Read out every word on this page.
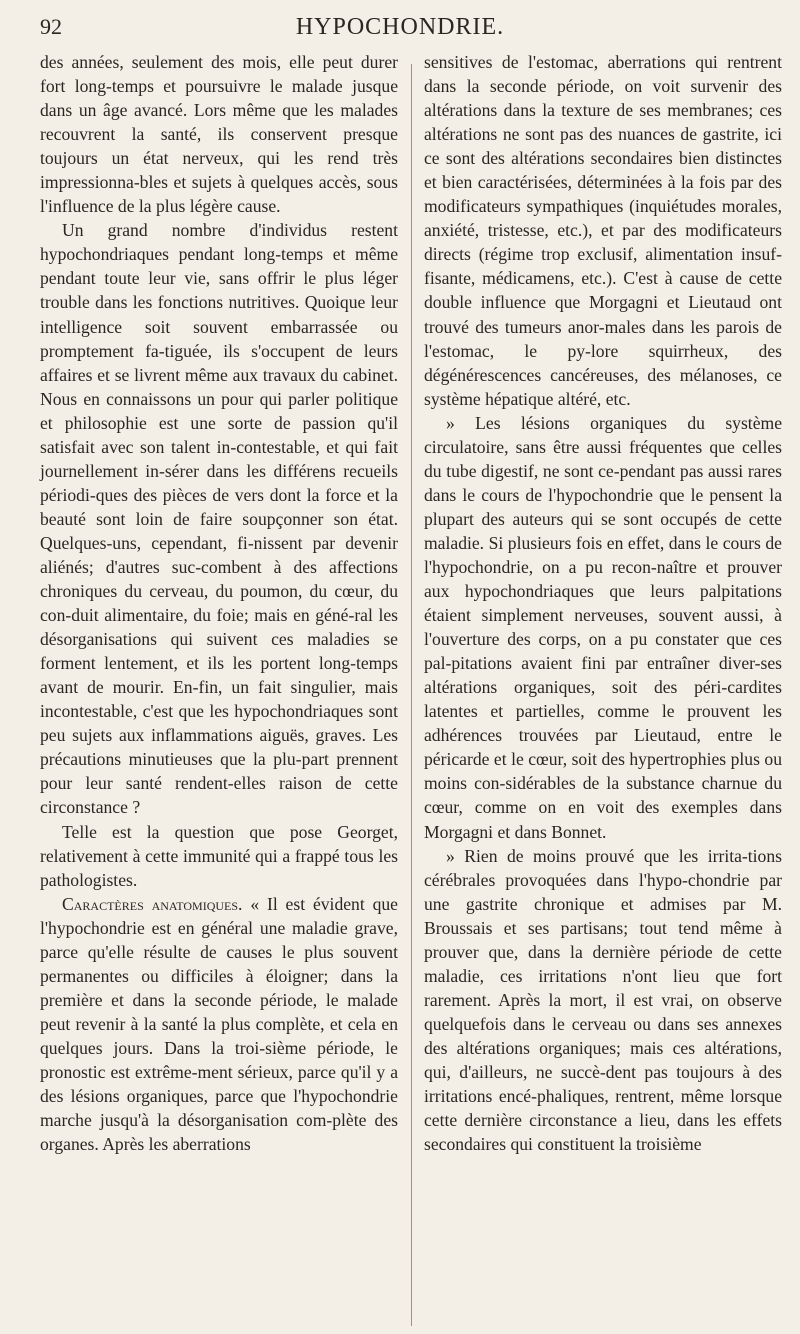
92	HYPOCHONDRIE.

des années, seulement des mois, elle peut durer fort long-temps et poursuivre le malade jusque dans un âge avancé. Lors même que les malades recouvrent la santé, ils conservent presque toujours un état nerveux, qui les rend très impressionna-bles et sujets à quelques accès, sous l'influence de la plus légère cause.

Un grand nombre d'individus restent hypochondriaques pendant long-temps et même pendant toute leur vie, sans offrir le plus léger trouble dans les fonctions nutritives. Quoique leur intelligence soit souvent embarrassée ou promptement fa-tiguée, ils s'occupent de leurs affaires et se livrent même aux travaux du cabinet. Nous en connaissons un pour qui parler politique et philosophie est une sorte de passion qu'il satisfait avec son talent in-contestable, et qui fait journellement in-sérer dans les différens recueils périodi-ques des pièces de vers dont la force et la beauté sont loin de faire soupçonner son état. Quelques-uns, cependant, fi-nissent par devenir aliénés; d'autres suc-combent à des affections chroniques du cerveau, du poumon, du cœur, du con-duit alimentaire, du foie; mais en géné-ral les désorganisations qui suivent ces maladies se forment lentement, et ils les portent long-temps avant de mourir. En-fin, un fait singulier, mais incontestable, c'est que les hypochondriaques sont peu sujets aux inflammations aiguës, graves. Les précautions minutieuses que la plu-part prennent pour leur santé rendent-elles raison de cette circonstance ?

Telle est la question que pose Georget, relativement à cette immunité qui a frappé tous les pathologistes.

Caractères anatomiques. « Il est évident que l'hypochondrie est en général une maladie grave, parce qu'elle résulte de causes le plus souvent permanentes ou difficiles à éloigner; dans la première et dans la seconde période, le malade peut revenir à la santé la plus complète, et cela en quelques jours. Dans la troi-sième période, le pronostic est extrême-ment sérieux, parce qu'il y a des lésions organiques, parce que l'hypochondrie marche jusqu'à la désorganisation com-plète des organes. Après les aberrations

sensitives de l'estomac, aberrations qui rentrent dans la seconde période, on voit survenir des altérations dans la texture de ses membranes; ces altérations ne sont pas des nuances de gastrite, ici ce sont des altérations secondaires bien distinctes et bien caractérisées, déterminées à la fois par des modificateurs sympathiques (inquiétudes morales, anxiété, tristesse, etc.), et par des modificateurs directs (régime trop exclusif, alimentation insuf-fisante, médicamens, etc.). C'est à cause de cette double influence que Morgagni et Lieutaud ont trouvé des tumeurs anor-males dans les parois de l'estomac, le py-lore squirrheux, des dégénérescences cancéreuses, des mélanoses, ce système hépatique altéré, etc.

» Les lésions organiques du système circulatoire, sans être aussi fréquentes que celles du tube digestif, ne sont ce-pendant pas aussi rares dans le cours de l'hypochondrie que le pensent la plupart des auteurs qui se sont occupés de cette maladie. Si plusieurs fois en effet, dans le cours de l'hypochondrie, on a pu recon-naître et prouver aux hypochondriaques que leurs palpitations étaient simplement nerveuses, souvent aussi, à l'ouverture des corps, on a pu constater que ces pal-pitations avaient fini par entraîner diver-ses altérations organiques, soit des péri-cardites latentes et partielles, comme le prouvent les adhérences trouvées par Lieutaud, entre le péricarde et le cœur, soit des hypertrophies plus ou moins con-sidérables de la substance charnue du cœur, comme on en voit des exemples dans Morgagni et dans Bonnet.

» Rien de moins prouvé que les irrita-tions cérébrales provoquées dans l'hypo-chondrie par une gastrite chronique et admises par M. Broussais et ses partisans; tout tend même à prouver que, dans la dernière période de cette maladie, ces irritations n'ont lieu que fort rarement. Après la mort, il est vrai, on observe quelquefois dans le cerveau ou dans ses annexes des altérations organiques; mais ces altérations, qui, d'ailleurs, ne succè-dent pas toujours à des irritations encé-phaliques, rentrent, même lorsque cette dernière circonstance a lieu, dans les effets secondaires qui constituent la troisième
